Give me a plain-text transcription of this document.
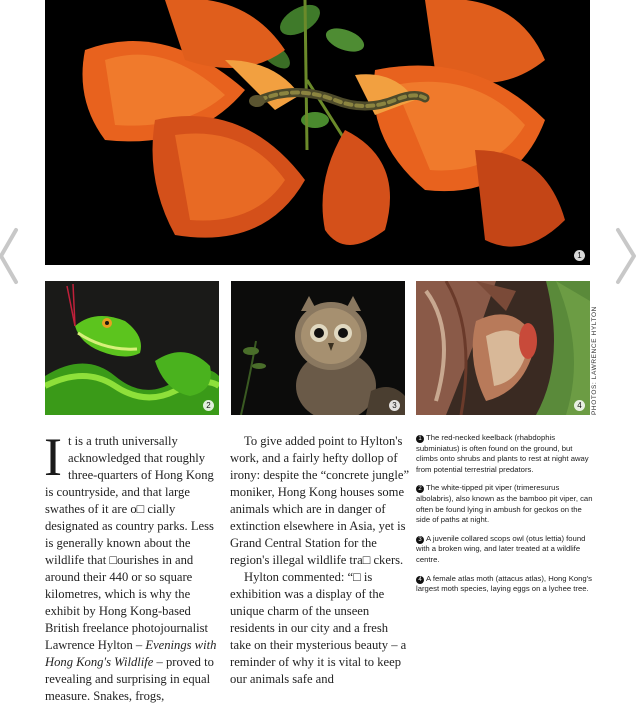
1
2	3	4	PHOTOS: LAWRENCE HYLTON

It is a truth universally acknowledged that roughly three-quarters of Hong Kong is countryside, and that large swathes of it are o□ cially designated as country parks. Less is generally known about the wildlife that □ourishes in and around their 440 or so square kilometres, which is why the exhibit by Hong Kong-based British freelance photojournalist Lawrence Hylton – Evenings with Hong Kong's Wildlife – proved to revealing and surprising in equal measure. Snakes, frogs,

To give added point to Hylton's work, and a fairly hefty dollop of irony: despite the “concrete jungle” moniker, Hong Kong houses some animals which are in danger of extinction elsewhere in Asia, yet is Grand Central Station for the region's illegal wildlife tra□ ckers.

Hylton commented: “□ is exhibition was a display of the unique charm of the unseen residents in our city and a fresh take on their mysterious beauty – a reminder of why it is vital to keep our animals safe and

1 The red-necked keelback (rhabdophis subminiatus) is often found on the ground, but climbs onto shrubs and plants to rest at night away from potential terrestrial predators.

2 The white-tipped pit viper (trimeresurus albolabris), also known as the bamboo pit viper, can often be found lying in ambush for geckos on the side of paths at night.

3 A juvenile collared scops owl (otus lettia) found with a broken wing, and later treated at a wildlife centre.

4 A female atlas moth (attacus atlas), Hong Kong's largest moth species, laying eggs on a lychee tree.
